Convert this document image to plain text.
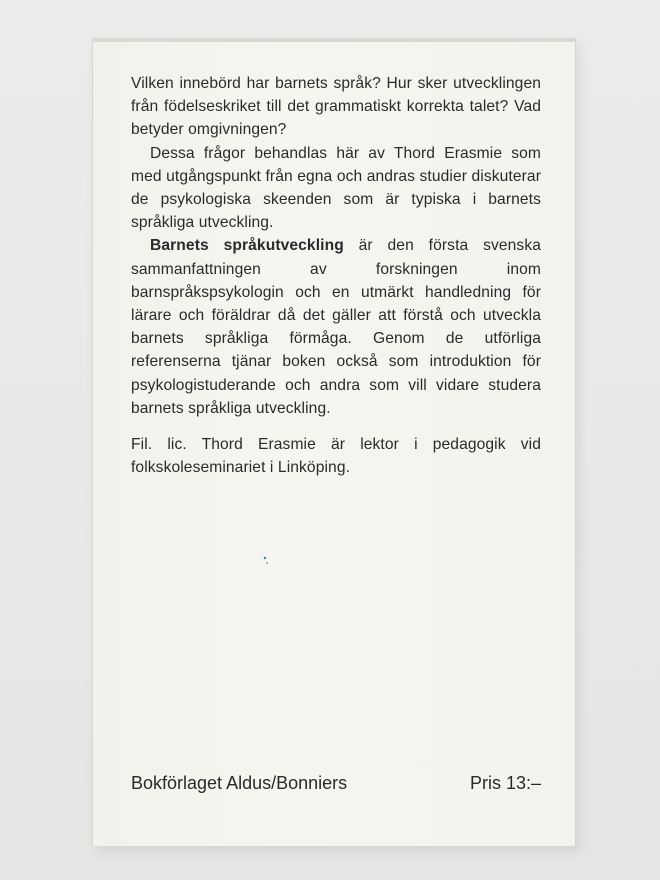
Vilken innebörd har barnets språk? Hur sker utvecklingen från födelseskriket till det grammatiskt korrekta talet? Vad betyder omgivningen?

Dessa frågor behandlas här av Thord Erasmie som med utgångspunkt från egna och andras studier diskuterar de psykologiska skeenden som är typiska i barnets språkliga utveckling.

Barnets språkutveckling är den första svenska sammanfattningen av forskningen inom barnspråkspsykologin och en utmärkt handledning för lärare och föräldrar då det gäller att förstå och utveckla barnets språkliga förmåga. Genom de utförliga referenserna tjänar boken också som introduktion för psykologistuderande och andra som vill vidare studera barnets språkliga utveckling.

Fil. lic. Thord Erasmie är lektor i pedagogik vid folkskoleseminariet i Linköping.

Bokförlaget Aldus/Bonniers	Pris 13:–
